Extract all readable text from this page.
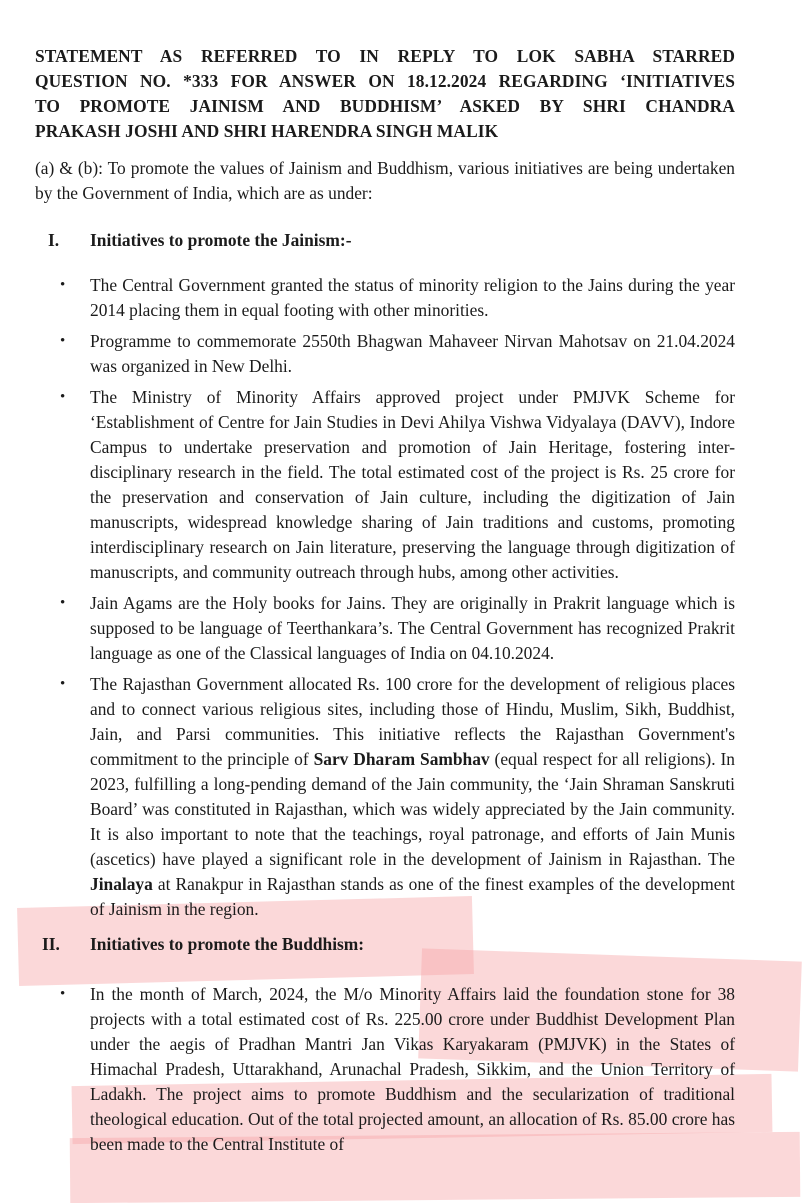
STATEMENT AS REFERRED TO IN REPLY TO LOK SABHA STARRED
QUESTION NO. *333 FOR ANSWER ON 18.12.2024 REGARDING ‘INITIATIVES
TO PROMOTE JAINISM AND BUDDHISM’ ASKED BY SHRI CHANDRA
PRAKASH JOSHI AND SHRI HARENDRA SINGH MALIK
(a) & (b): To promote the values of Jainism and Buddhism, various initiatives are being undertaken by the Government of India, which are as under:
I. Initiatives to promote the Jainism:-
• The Central Government granted the status of minority religion to the Jains during the year 2014 placing them in equal footing with other minorities.
• Programme to commemorate 2550th Bhagwan Mahaveer Nirvan Mahotsav on 21.04.2024 was organized in New Delhi.
• The Ministry of Minority Affairs approved project under PMJVK Scheme for ‘Establishment of Centre for Jain Studies in Devi Ahilya Vishwa Vidyalaya (DAVV), Indore Campus to undertake preservation and promotion of Jain Heritage, fostering inter-disciplinary research in the field. The total estimated cost of the project is Rs. 25 crore for the preservation and conservation of Jain culture, including the digitization of Jain manuscripts, widespread knowledge sharing of Jain traditions and customs, promoting interdisciplinary research on Jain literature, preserving the language through digitization of manuscripts, and community outreach through hubs, among other activities.
• Jain Agams are the Holy books for Jains. They are originally in Prakrit language which is supposed to be language of Teerthankara’s. The Central Government has recognized Prakrit language as one of the Classical languages of India on 04.10.2024.
• The Rajasthan Government allocated Rs. 100 crore for the development of religious places and to connect various religious sites, including those of Hindu, Muslim, Sikh, Buddhist, Jain, and Parsi communities. This initiative reflects the Rajasthan Government's commitment to the principle of Sarv Dharam Sambhav (equal respect for all religions). In 2023, fulfilling a long-pending demand of the Jain community, the ‘Jain Shraman Sanskruti Board’ was constituted in Rajasthan, which was widely appreciated by the Jain community. It is also important to note that the teachings, royal patronage, and efforts of Jain Munis (ascetics) have played a significant role in the development of Jainism in Rajasthan. The Jinalaya at Ranakpur in Rajasthan stands as one of the finest examples of the development of Jainism in the region.
II. Initiatives to promote the Buddhism:
• In the month of March, 2024, the M/o Minority Affairs laid the foundation stone for 38 projects with a total estimated cost of Rs. 225.00 crore under Buddhist Development Plan under the aegis of Pradhan Mantri Jan Vikas Karyakaram (PMJVK) in the States of Himachal Pradesh, Uttarakhand, Arunachal Pradesh, Sikkim, and the Union Territory of Ladakh. The project aims to promote Buddhism and the secularization of traditional theological education. Out of the total projected amount, an allocation of Rs. 85.00 crore has been made to the Central Institute of
